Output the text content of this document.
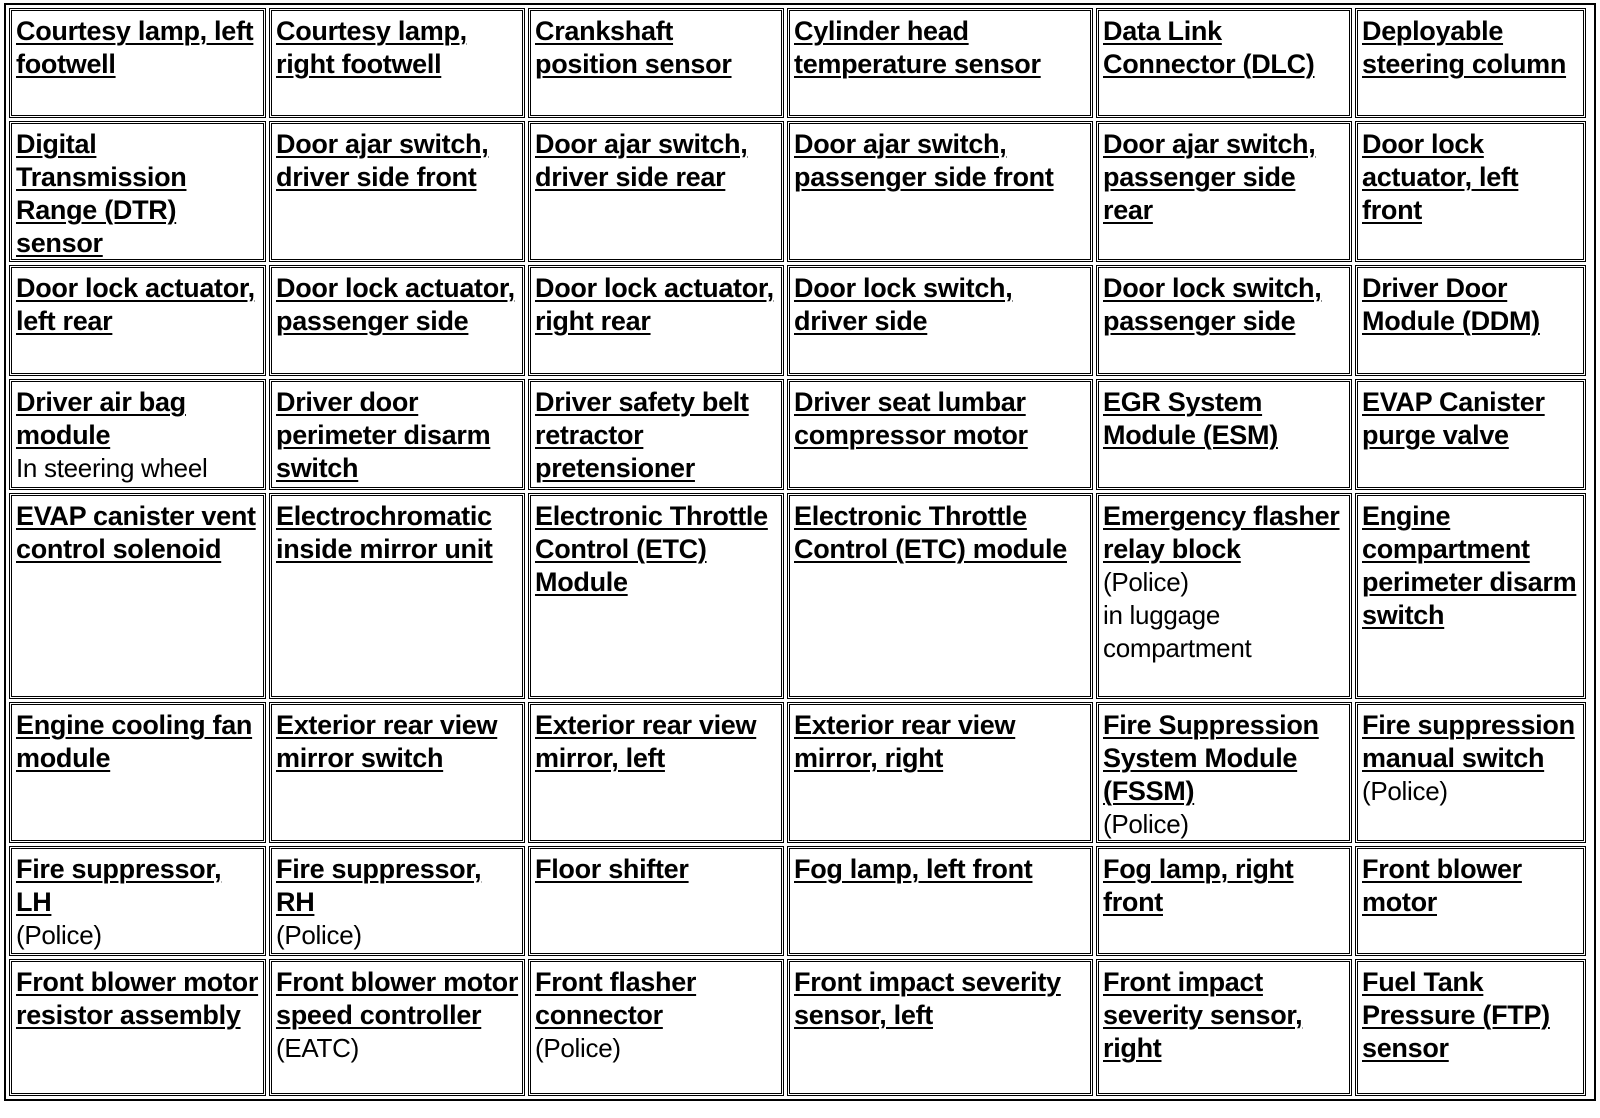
Courtesy lamp, left footwell
Courtesy lamp, right footwell
Crankshaft position sensor
Cylinder head temperature sensor
Data Link Connector (DLC)
Deployable steering column
Digital Transmission Range (DTR) sensor
Door ajar switch, driver side front
Door ajar switch, driver side rear
Door ajar switch, passenger side front
Door ajar switch, passenger side rear
Door lock actuator, left front
Door lock actuator, left rear
Door lock actuator, passenger side
Door lock actuator, right rear
Door lock switch, driver side
Door lock switch, passenger side
Driver Door Module (DDM)
Driver air bag module
In steering wheel
Driver door perimeter disarm switch
Driver safety belt retractor pretensioner
Driver seat lumbar compressor motor
EGR System Module (ESM)
EVAP Canister purge valve
EVAP canister vent control solenoid
Electrochromatic inside mirror unit
Electronic Throttle Control (ETC) Module
Electronic Throttle Control (ETC) module
Emergency flasher relay block
(Police)
in luggage compartment
Engine compartment perimeter disarm switch
Engine cooling fan module
Exterior rear view mirror switch
Exterior rear view mirror, left
Exterior rear view mirror, right
Fire Suppression System Module (FSSM)
(Police)
Fire suppression manual switch
(Police)
Fire suppressor, LH
(Police)
Fire suppressor, RH
(Police)
Floor shifter	Fog lamp, left front	Fog lamp, right front
Front blower motor
Front blower motor resistor assembly
Front blower motor speed controller
(EATC)
Front flasher connector
(Police)
Front impact severity sensor, left
Front impact severity sensor, right
Fuel Tank Pressure (FTP) sensor
